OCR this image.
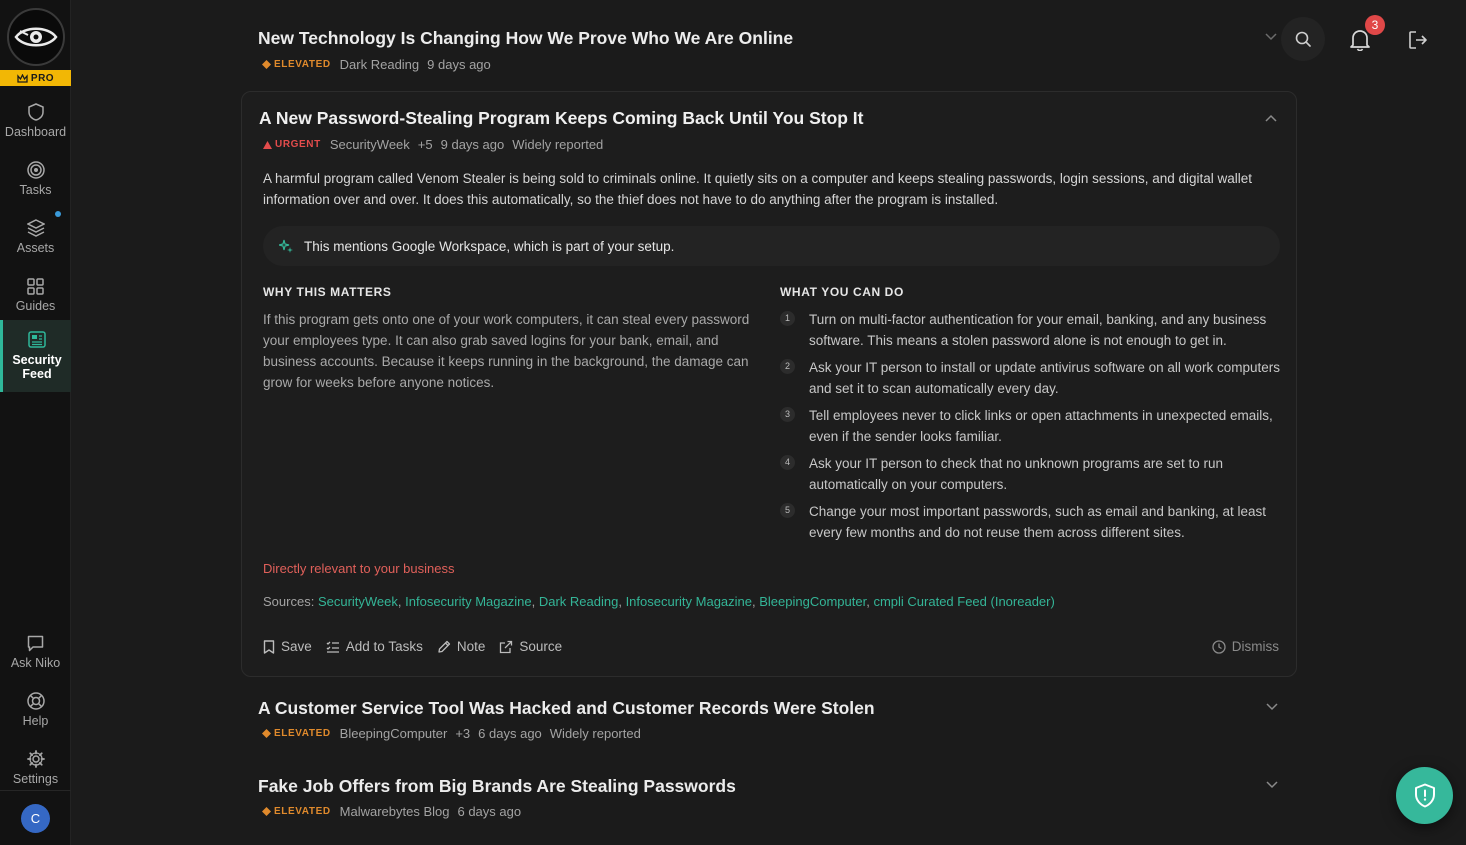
PRO
Dashboard
Tasks
Assets
Guides
Security Feed
Ask Niko
Help
Settings
C
New Technology Is Changing How We Prove Who We Are Online
ELEVATED Dark Reading 9 days ago
3
A New Password-Stealing Program Keeps Coming Back Until You Stop It
URGENT SecurityWeek +5 9 days ago Widely reported

A harmful program called Venom Stealer is being sold to criminals online. It quietly sits on a computer and keeps stealing passwords, login sessions, and digital wallet information over and over. It does this automatically, so the thief does not have to do anything after the program is installed.

This mentions Google Workspace, which is part of your setup.
WHY THIS MATTERS

If this program gets onto one of your work computers, it can steal every password your employees type. It can also grab saved logins for your bank, email, and business accounts. Because it keeps running in the background, the damage can grow for weeks before anyone notices.

WHAT YOU CAN DO
1	Turn on multi-factor authentication for your email, banking, and any business software. This means a stolen password alone is not enough to get in.
2	Ask your IT person to install or update antivirus software on all work computers and set it to scan automatically every day.
3	Tell employees never to click links or open attachments in unexpected emails, even if the sender looks familiar.
4	Ask your IT person to check that no unknown programs are set to run automatically on your computers.
5	Change your most important passwords, such as email and banking, at least every few months and do not reuse them across different sites.
Directly relevant to your business
Sources: SecurityWeek, Infosecurity Magazine, Dark Reading, Infosecurity Magazine, BleepingComputer, cmpli Curated Feed (Inoreader)
Save	Add to Tasks	Note	Source	Dismiss
A Customer Service Tool Was Hacked and Customer Records Were Stolen
ELEVATED BleepingComputer +3 6 days ago Widely reported
Fake Job Offers from Big Brands Are Stealing Passwords
ELEVATED Malwarebytes Blog 6 days ago
